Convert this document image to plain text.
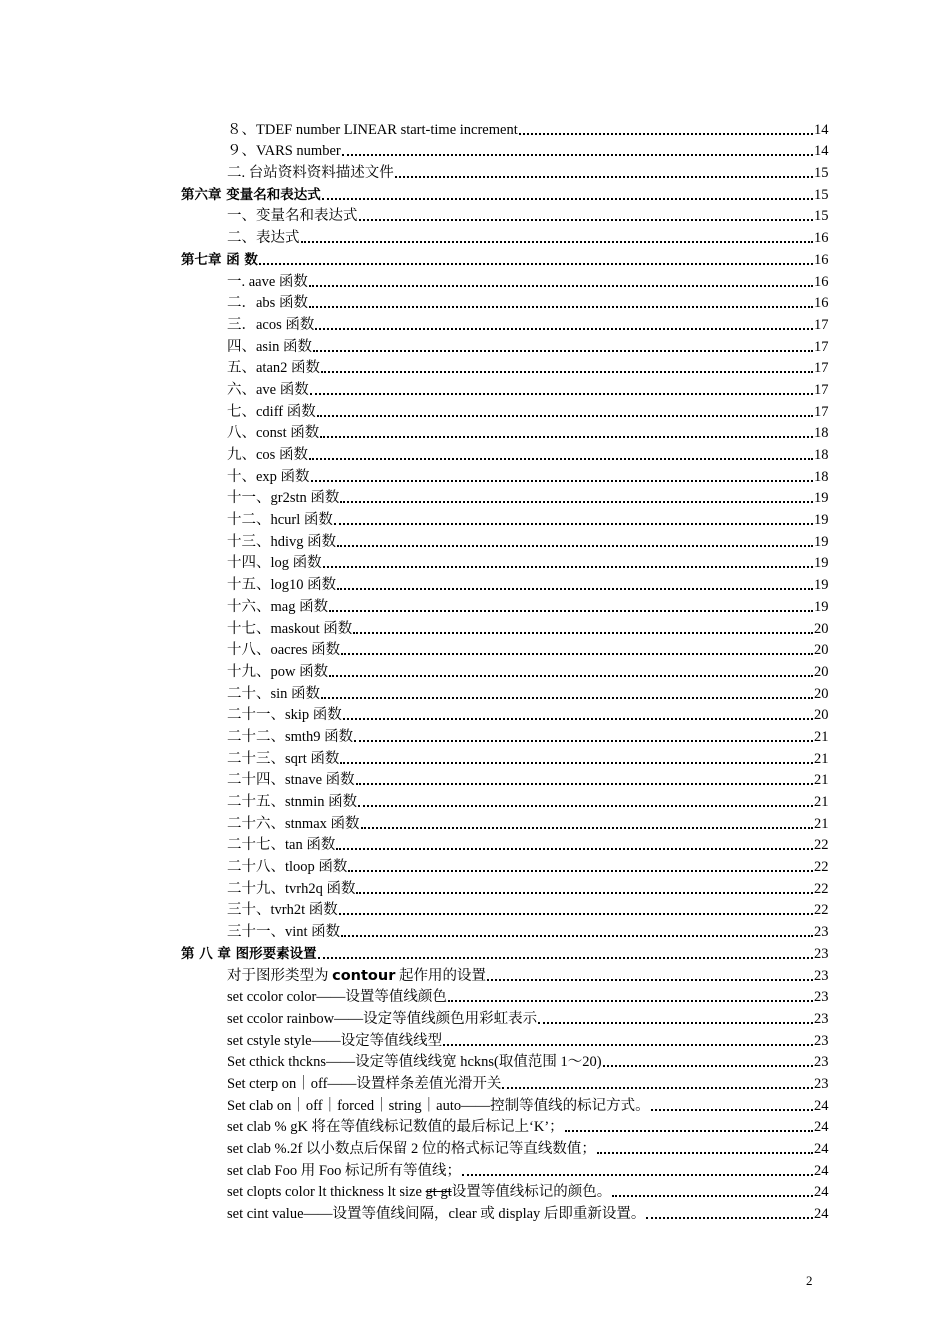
８、TDEF number LINEAR start-time increment	14
９、VARS number	14
二. 台站资料资料描述文件	15
第六章 变量名和表达式	15
一、变量名和表达式	15
二、表达式	16
第七章 函 数	16
一. aave 函数	16
二．abs 函数	16
三．acos 函数	17
四、asin 函数	17
五、atan2 函数	17
六、ave 函数	17
七、cdiff 函数	17
八、const 函数	18
九、cos 函数	18
十、exp 函数	18
十一、gr2stn 函数	19
十二、hcurl 函数	19
十三、hdivg 函数	19
十四、log 函数	19
十五、log10 函数	19
十六、mag 函数	19
十七、maskout 函数	20
十八、oacres 函数	20
十九、pow 函数	20
二十、sin 函数	20
二十一、skip 函数	20
二十二、smth9 函数	21
二十三、sqrt 函数	21
二十四、stnave 函数	21
二十五、stnmin 函数	21
二十六、stnmax 函数	21
二十七、tan 函数	22
二十八、tloop 函数	22
二十九、tvrh2q 函数	22
三十、tvrh2t 函数	22
三十一、vint 函数	23
第 八 章 图形要素设置	23
对于图形类型为 contour 起作用的设置	23
set ccolor color——设置等值线颜色	23
set ccolor rainbow——设定等值线颜色用彩虹表示	23
set cstyle style——设定等值线线型	23
Set cthick thckns——设定等值线线宽 hckns(取值范围 1～20)	23
Set cterp on｜off——设置样条差值光滑开关	23
Set clab on｜off｜forced｜string｜auto——控制等值线的标记方式。	24
set clab % gK 将在等值线标记数值的最后标记上‘K’；	24
set clab %.2f 以小数点后保留 2 位的格式标记等直线数值；	24
set clab Foo 用 Foo 标记所有等值线；	24
set clopts color lt thickness lt size gt gt设置等值线标记的颜色。	24
set cint value——设置等值线间隔，clear 或 display 后即重新设置。	24
2
